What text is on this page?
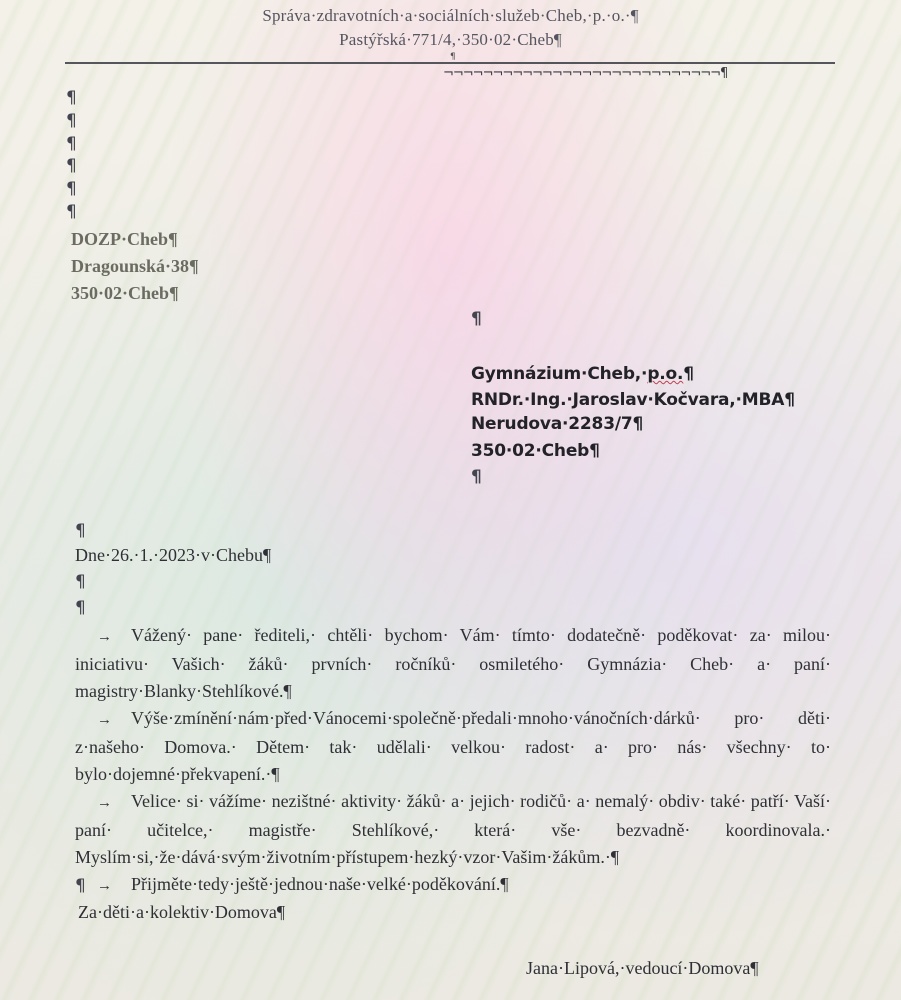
Správa·zdravotních·a·sociálních·služeb·Cheb,·p.·o.·¶
Pastýřská·771/4,·350·02·Cheb¶
¶
¬¬¬¬¬¬¬¬¬¬¬¬¬¬¬¬¬¬¬¬¬¬¬¬¬¬¬¬¶
¶
¶
¶
¶
¶
¶
DOZP·Cheb¶
Dragounská·38¶
350·02·Cheb¶
¶
Gymnázium·Cheb,·p.o.¶
RNDr.·Ing.·Jaroslav·Kočvara,·MBA¶
Nerudova·2283/7¶
350·02·Cheb¶
¶
¶
Dne·26.·1.·2023·v·Chebu¶
¶
¶

→ Vážený· pane· řediteli,· chtěli· bychom· Vám· tímto· dodatečně· poděkovat· za· milou· iniciativu· Vašich· žáků· prvních· ročníků· osmiletého· Gymnázia· Cheb· a· paní· magistry·Blanky·Stehlíkové.¶

→ Výše·zmínění·nám·před·Vánocemi·společně·předali·mnoho·vánočních·dárků· pro· děti· z·našeho· Domova.· Dětem· tak· udělali· velkou· radost· a· pro· nás· všechny· to· bylo·dojemné·překvapení.·¶

→ Velice· si· vážíme· nezištné· aktivity· žáků· a· jejich· rodičů· a· nemalý· obdiv· také· patří· Vaší· paní· učitelce,· magistře· Stehlíkové,· která· vše· bezvadně· koordinovala.· Myslím·si,·že·dává·svým·životním·přístupem·hezký·vzor·Vašim·žákům.·¶

→ Přijměte·tedy·ještě·jednou·naše·velké·poděkování.¶

¶
Za·děti·a·kolektiv·Domova¶
Jana·Lipová,·vedoucí·Domova¶
